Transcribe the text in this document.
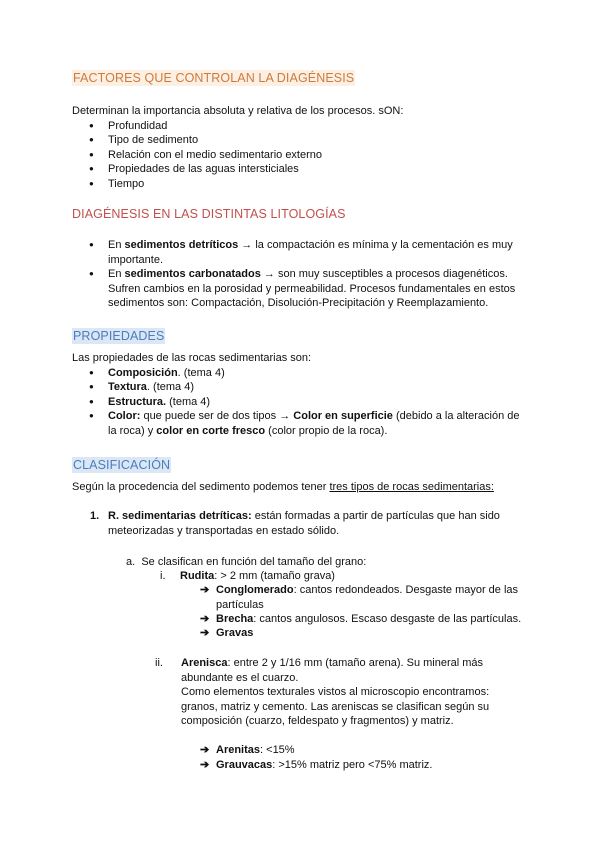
FACTORES QUE CONTROLAN LA DIAGÉNESIS
Determinan la importancia absoluta y relativa de los procesos. sON:
● Profundidad
● Tipo de sedimento
● Relación con el medio sedimentario externo
● Propiedades de las aguas intersticiales
● Tiempo
DIAGÉNESIS EN LAS DISTINTAS LITOLOGÍAS
● En sedimentos detríticos → la compactación es mínima y la cementación es muy
importante.
● En sedimentos carbonatados → son muy susceptibles a procesos diagenéticos.
Sufren cambios en la porosidad y permeabilidad. Procesos fundamentales en estos
sedimentos son: Compactación, Disolución-Precipitación y Reemplazamiento.
PROPIEDADES
Las propiedades de las rocas sedimentarias son:
● Composición. (tema 4)
● Textura. (tema 4)
● Estructura. (tema 4)
● Color: que puede ser de dos tipos → Color en superficie (debido a la alteración de
la roca) y color en corte fresco (color propio de la roca).
CLASIFICACIÓN
Según la procedencia del sedimento podemos tener tres tipos de rocas sedimentarias:
1. R. sedimentarias detríticas: están formadas a partir de partículas que han sido
meteorizadas y transportadas en estado sólido.
a. Se clasifican en función del tamaño del grano:
i. Rudita: > 2 mm (tamaño grava)
➔ Conglomerado: cantos redondeados. Desgaste mayor de las
partículas
➔ Brecha: cantos angulosos. Escaso desgaste de las partículas.
➔ Gravas
ii. Arenisca: entre 2 y 1/16 mm (tamaño arena). Su mineral más
abundante es el cuarzo.
Como elementos texturales vistos al microscopio encontramos:
granos, matriz y cemento. Las areniscas se clasifican según su
composición (cuarzo, feldespato y fragmentos) y matriz.
➔ Arenitas: <15%
➔ Grauvacas: >15% matriz pero <75% matriz.
